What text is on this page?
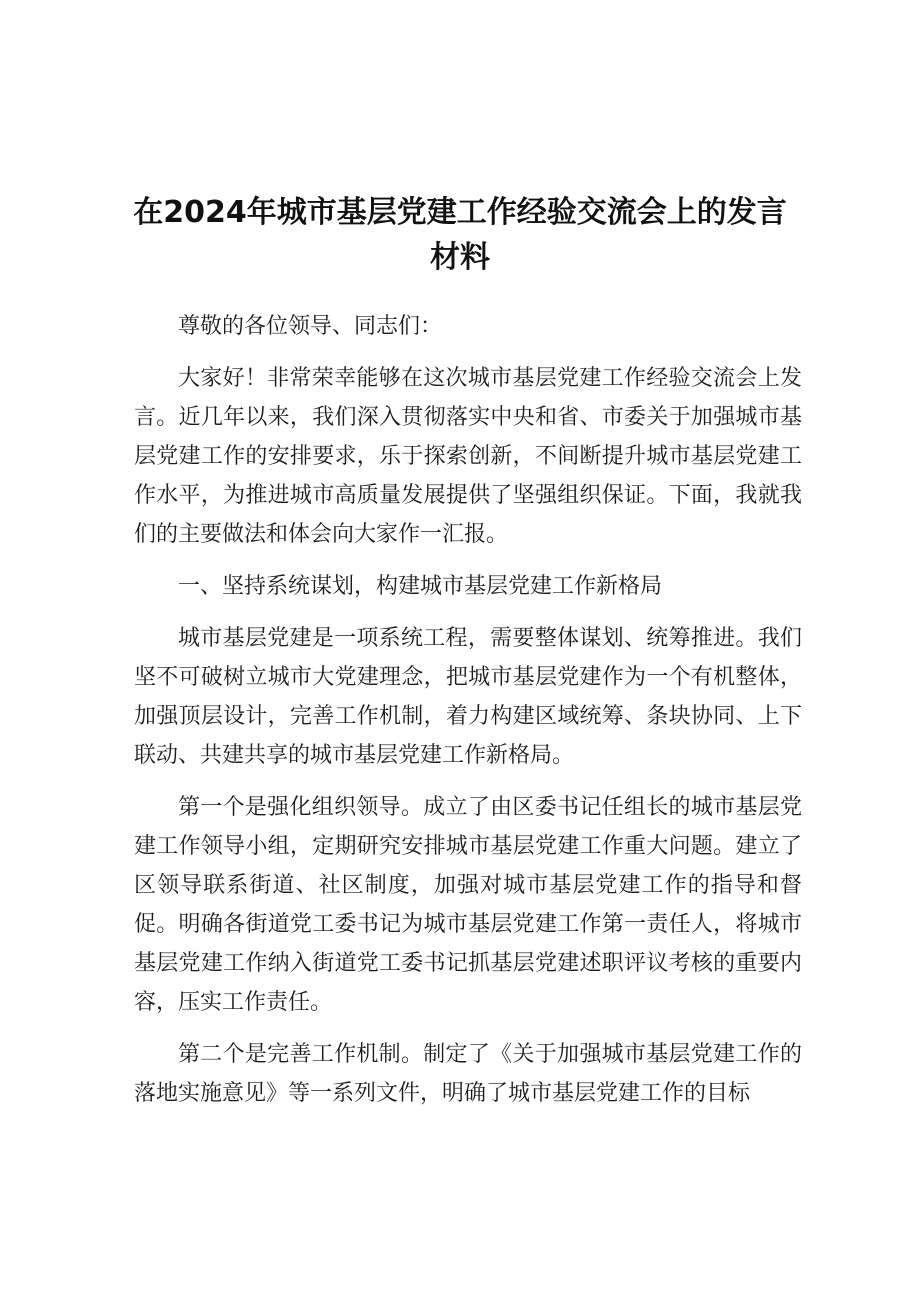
在2024年城市基层党建工作经验交流会上的发言材料

尊敬的各位领导、同志们：

大家好！非常荣幸能够在这次城市基层党建工作经验交流会上发言。近几年以来，我们深入贯彻落实中央和省、市委关于加强城市基层党建工作的安排要求，乐于探索创新，不间断提升城市基层党建工作水平，为推进城市高质量发展提供了坚强组织保证。下面，我就我们的主要做法和体会向大家作一汇报。

一、坚持系统谋划，构建城市基层党建工作新格局

城市基层党建是一项系统工程，需要整体谋划、统筹推进。我们坚不可破树立城市大党建理念，把城市基层党建作为一个有机整体，加强顶层设计，完善工作机制，着力构建区域统筹、条块协同、上下联动、共建共享的城市基层党建工作新格局。

第一个是强化组织领导。成立了由区委书记任组长的城市基层党建工作领导小组，定期研究安排城市基层党建工作重大问题。建立了区领导联系街道、社区制度，加强对城市基层党建工作的指导和督促。明确各街道党工委书记为城市基层党建工作第一责任人，将城市基层党建工作纳入街道党工委书记抓基层党建述职评议考核的重要内容，压实工作责任。

第二个是完善工作机制。制定了《关于加强城市基层党建工作的落地实施意见》等一系列文件，明确了城市基层党建工作的目标
